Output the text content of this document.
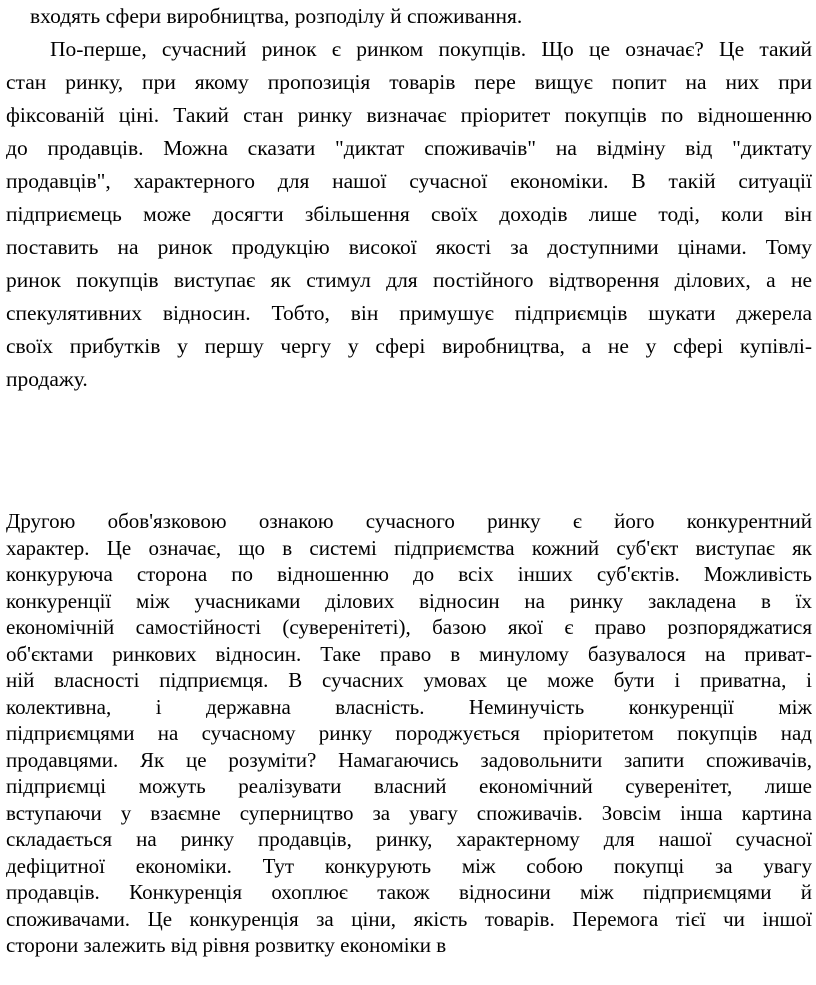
входять сфери виробництва, розподілу й споживання.
По-перше, сучасний ринок є ринком покупців. Що це означає? Це такий
стан ринку, при якому пропозиція товарів пере вищує попит на них при
фіксованій ціні. Такий стан ринку визначає пріоритет покупців по відношенню
до продавців. Можна сказати "диктат споживачів" на відміну від "диктату
продавців", характерного для нашої сучасної економіки. В такій ситуації
підприємець може досягти збільшення своїх доходів лише тоді, коли він
поставить на ринок продукцію високої якості за доступними цінами. Тому
ринок покупців виступає як стимул для постійного відтворення ділових, а не
спекулятивних відносин. Тобто, він примушує підприємців шукати джерела
своїх прибутків у першу чергу у сфері виробництва, а не у сфері купівлі-
продажу.
Другою обов'язковою ознакою сучасного ринку є його конкурентний
характер. Це означає, що в системі підприємства кожний суб'єкт виступає як
конкуруюча сторона по відношенню до всіх інших суб'єктів. Можливість
конкуренції між учасниками ділових відносин на ринку закладена в їх
економічній самостійності (суверенітеті), базою якої є право розпоряджатися
об'єктами ринкових відносин. Таке право в минулому базувалося на приват-
ній власності підприємця. В сучасних умовах це може бути і приватна, і
колективна, і державна власність. Неминучість конкуренції між
підприємцями на сучасному ринку породжується пріоритетом покупців над
продавцями. Як це розуміти? Намагаючись задовольнити запити споживачів,
підприємці можуть реалізувати власний економічний суверенітет, лише
вступаючи у взаємне суперництво за увагу споживачів. Зовсім інша картина
складається на ринку продавців, ринку, характерному для нашої сучасної
дефіцитної економіки. Тут конкурують між собою покупці за увагу
продавців. Конкуренція охоплює також відносини між підприємцями й
споживачами. Це конкуренція за ціни, якість товарів. Перемога тієї чи іншої
сторони залежить від рівня розвитку економіки в
